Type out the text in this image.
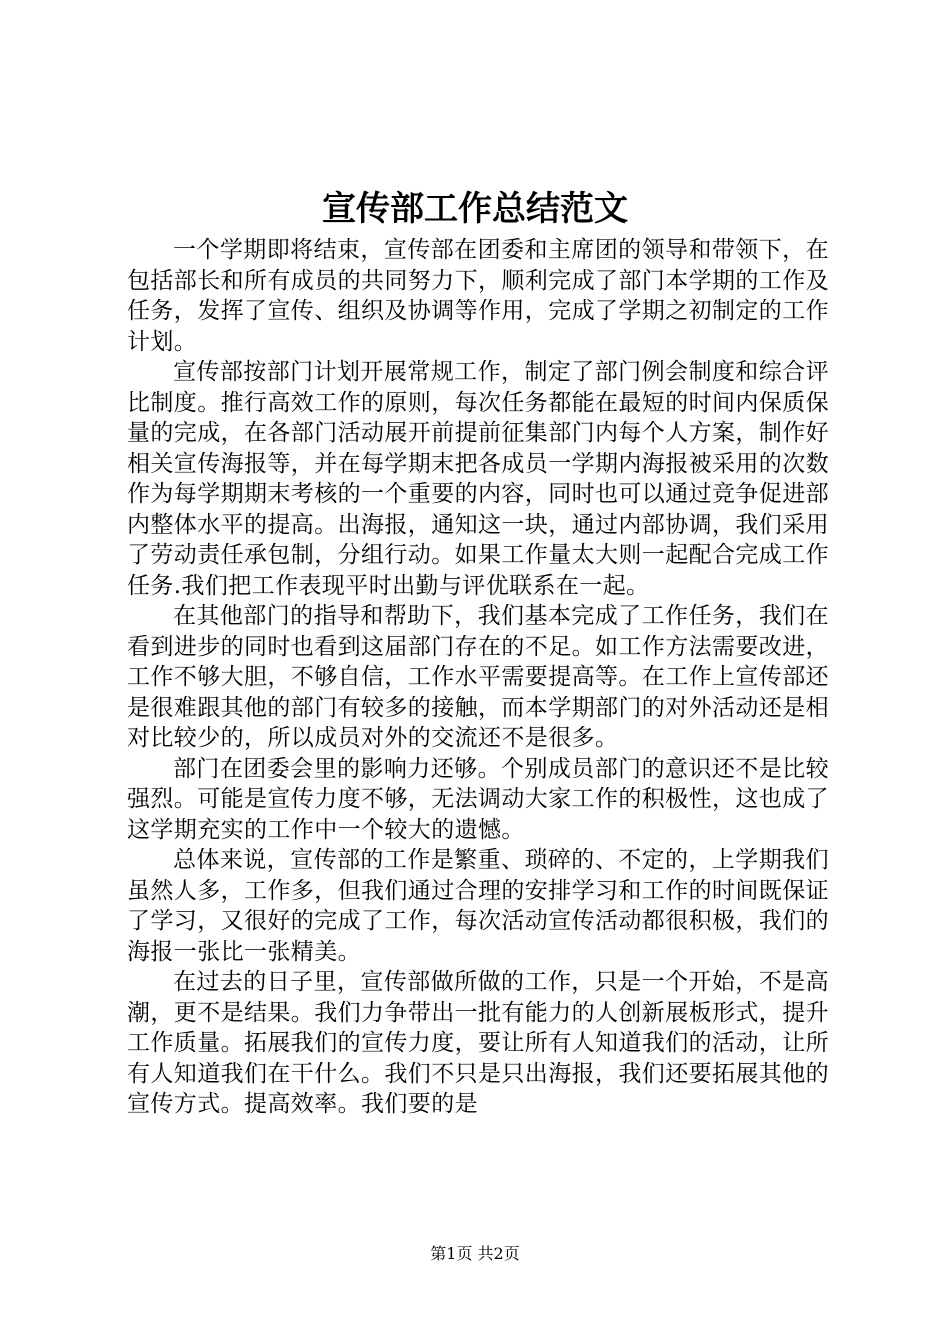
宣传部工作总结范文

一个学期即将结束，宣传部在团委和主席团的领导和带领下，在包括部长和所有成员的共同努力下，顺利完成了部门本学期的工作及任务，发挥了宣传、组织及协调等作用，完成了学期之初制定的工作计划。

宣传部按部门计划开展常规工作，制定了部门例会制度和综合评比制度。推行高效工作的原则，每次任务都能在最短的时间内保质保量的完成，在各部门活动展开前提前征集部门内每个人方案，制作好相关宣传海报等，并在每学期末把各成员一学期内海报被采用的次数作为每学期期末考核的一个重要的内容，同时也可以通过竞争促进部内整体水平的提高。出海报，通知这一块，通过内部协调，我们采用了劳动责任承包制，分组行动。如果工作量太大则一起配合完成工作任务.我们把工作表现平时出勤与评优联系在一起。

在其他部门的指导和帮助下，我们基本完成了工作任务，我们在看到进步的同时也看到这届部门存在的不足。如工作方法需要改进，工作不够大胆，不够自信，工作水平需要提高等。在工作上宣传部还是很难跟其他的部门有较多的接触，而本学期部门的对外活动还是相对比较少的，所以成员对外的交流还不是很多。

部门在团委会里的影响力还够。个别成员部门的意识还不是比较强烈。可能是宣传力度不够，无法调动大家工作的积极性，这也成了这学期充实的工作中一个较大的遗憾。

总体来说，宣传部的工作是繁重、琐碎的、不定的，上学期我们虽然人多，工作多，但我们通过合理的安排学习和工作的时间既保证了学习，又很好的完成了工作，每次活动宣传活动都很积极，我们的海报一张比一张精美。

在过去的日子里，宣传部做所做的工作，只是一个开始，不是高潮，更不是结果。我们力争带出一批有能力的人创新展板形式，提升工作质量。拓展我们的宣传力度，要让所有人知道我们的活动，让所有人知道我们在干什么。我们不只是只出海报，我们还要拓展其他的宣传方式。提高效率。我们要的是

第1页 共2页
